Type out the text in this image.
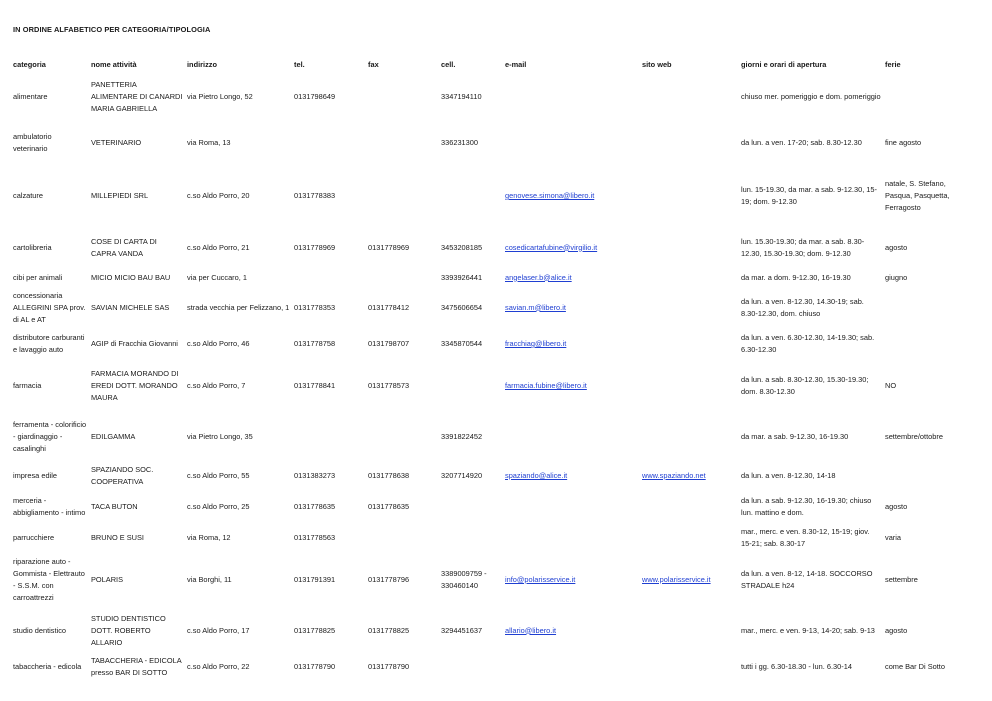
IN ORDINE ALFABETICO PER CATEGORIA/TIPOLOGIA
categoria	nome attività	indirizzo	tel.	fax	cell.	e-mail	sito web	giorni e orari di apertura	ferie
alimentare	PANETTERIA ALIMENTARE DI CANARDI MARIA GABRIELLA	via Pietro Longo, 52	0131798649		3347194110			chiuso mer. pomeriggio e dom. pomeriggio	
ambulatorio veterinario	VETERINARIO	via Roma, 13			336231300			da lun. a ven. 17-20; sab. 8.30-12.30	fine agosto
calzature	MILLEPIEDI SRL	c.so Aldo Porro, 20	0131778383			genovese.simona@libero.it		lun. 15-19.30, da mar. a sab. 9-12.30, 15-19; dom. 9-12.30	natale, S. Stefano, Pasqua, Pasquetta, Ferragosto
cartolibreria	COSE DI CARTA DI CAPRA VANDA	c.so Aldo Porro, 21	0131778969	0131778969	3453208185	cosedicartafubine@virgilio.it		lun. 15.30-19.30; da mar. a sab. 8.30-12.30, 15.30-19.30; dom. 9-12.30	agosto
cibi per animali	MICIO MICIO BAU BAU	via per Cuccaro, 1			3393926441	angelaser.b@alice.it		da mar. a dom. 9-12.30, 16-19.30	giugno
concessionaria ALLEGRINI SPA prov. di AL e AT	SAVIAN MICHELE SAS	strada vecchia per Felizzano, 1	0131778353	0131778412	3475606654	savian.m@libero.it		da lun. a ven. 8-12.30, 14.30-19; sab. 8.30-12.30, dom. chiuso	
distributore carburanti e lavaggio auto	AGIP di Fracchia Giovanni	c.so Aldo Porro, 46	0131778758	0131798707	3345870544	fracchiag@libero.it		da lun. a ven. 6.30-12.30, 14-19.30; sab. 6.30-12.30	
farmacia	FARMACIA MORANDO DI EREDI DOTT. MORANDO MAURA	c.so Aldo Porro, 7	0131778841	0131778573		farmacia.fubine@libero.it		da lun. a sab. 8.30-12.30, 15.30-19.30; dom. 8.30-12.30	NO
ferramenta - colorificio - giardinaggio - casalinghi	EDILGAMMA	via Pietro Longo, 35			3391822452			da mar. a sab. 9-12.30, 16-19.30	settembre/ottobre
impresa edile	SPAZIANDO SOC. COOPERATIVA	c.so Aldo Porro, 55	0131383273	0131778638	3207714920	spaziando@alice.it	www.spaziando.net	da lun. a ven. 8-12.30, 14-18	
merceria - abbigliamento - intimo	TACA BUTON	c.so Aldo Porro, 25	0131778635	0131778635				da lun. a sab. 9-12.30, 16-19.30; chiuso lun. mattino e dom.	agosto
parrucchiere	BRUNO E SUSI	via Roma, 12	0131778563					mar., merc. e ven. 8.30-12, 15-19; giov. 15-21; sab. 8.30-17	varia
riparazione auto - Gommista - Elettrauto - S.S.M. con carroattrezzi	POLARIS	via Borghi, 11	0131791391	0131778796	3389009759 - 330460140	info@polarisservice.it	www.polarisservice.it	da lun. a ven. 8-12, 14-18. SOCCORSO STRADALE h24	settembre
studio dentistico	STUDIO DENTISTICO DOTT. ROBERTO ALLARIO	c.so Aldo Porro, 17	0131778825	0131778825	3294451637	allario@libero.it		mar., merc. e ven. 9-13, 14-20; sab. 9-13	agosto
tabaccheria - edicola	TABACCHERIA - EDICOLA presso BAR DI SOTTO	c.so Aldo Porro, 22	0131778790	0131778790				tutti i gg. 6.30-18.30 - lun. 6.30-14	come Bar Di Sotto
